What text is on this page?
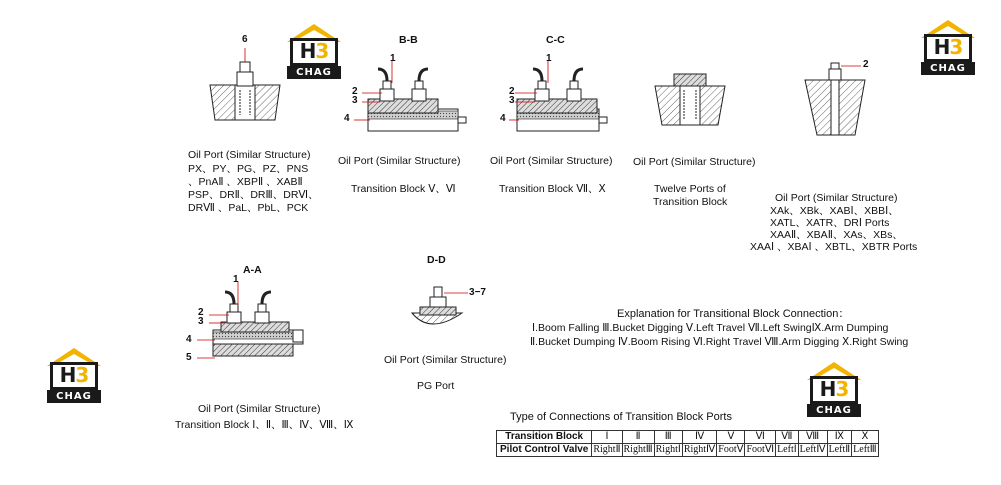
H3
CHAG
H3
CHAG
H3
CHAG	H3
CHAG
6	B-B
1
2
3
4
C-C
1
2
3
4
2
A-A
1
2
3
4
5
D-D
3−7
Oil Port (Similar Structure)
PX、PY、PG、PZ、PNS
、PnAⅡ 、XBPⅡ 、XABⅡ
PSP、DRⅡ、DRⅢ、DRⅥ、
DRⅦ 、PaL、PbL、PCK
Oil Port (Similar Structure)
Transition Block Ⅴ、Ⅵ
Oil Port (Similar Structure)
Transition Block Ⅶ、Ⅹ
Oil Port (Similar Structure)
Twelve Ports of
Transition Block	Oil Port (Similar Structure)
XAk、XBk、XABⅠ、XBBⅠ、
XATL、XATR、DRⅠ Ports
XAAⅡ、XBAⅡ、XAs、XBs、
XAAⅠ 、XBAⅠ 、XBTL、XBTR Ports
Oil Port (Similar Structure)
Transition Block Ⅰ、Ⅱ、Ⅲ、Ⅳ、Ⅷ、Ⅸ
Oil Port (Similar Structure)
PG Port
Explanation for Transitional Block Connection：
Ⅰ.Boom Falling Ⅲ.Bucket Digging Ⅴ.Left Travel Ⅶ.Left SwingⅨ.Arm Dumping
Ⅱ.Bucket Dumping Ⅳ.Boom Rising Ⅵ.Right Travel Ⅷ.Arm Digging Ⅹ.Right Swing
Type of Connections of Transition Block Ports
Transition Block	Ⅰ	Ⅱ	Ⅲ	Ⅳ	Ⅴ	Ⅵ	Ⅶ	Ⅷ	Ⅸ	Ⅹ
Pilot Control Valve	RightⅡ	RightⅢ	RightⅠ	RightⅣ	FootⅤ	FootⅥ	LeftⅠ	LeftⅣ	LeftⅡ	LeftⅢ
